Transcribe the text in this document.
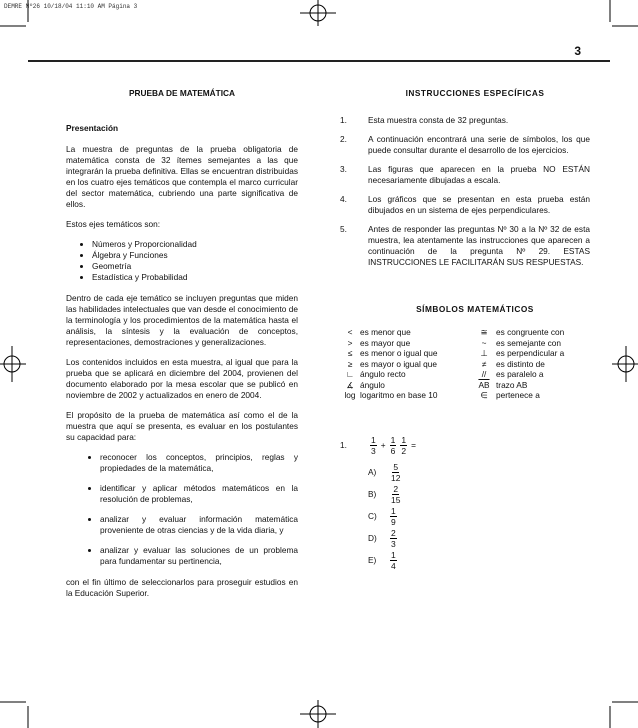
DEMRE Nº26 10/18/04 11:10 AM Página 3
3
PRUEBA DE MATEMÁTICA
Presentación

La muestra de preguntas de la prueba obligatoria de matemática consta de 32 ítemes semejantes a las que integrarán la prueba definitiva. Ellas se encuentran distribuidas en los cuatro ejes temáticos que contempla el marco curricular del sector matemática, cubriendo una parte significativa de ellos.

Estos ejes temáticos son:

• Números y Proporcionalidad
• Álgebra y Funciones
• Geometría
• Estadística y Probabilidad

Dentro de cada eje temático se incluyen preguntas que miden las habilidades intelectuales que van desde el conocimiento de la terminología y los procedimientos de la matemática hasta el análisis, la síntesis y la evaluación de conceptos, representaciones, demostraciones y generalizaciones.

Los contenidos incluidos en esta muestra, al igual que para la prueba que se aplicará en diciembre del 2004, provienen del documento elaborado por la mesa escolar que se publicó en noviembre de 2002 y actualizados en enero de 2004.

El propósito de la prueba de matemática así como el de la muestra que aquí se presenta, es evaluar en los postulantes su capacidad para:

• reconocer los conceptos, principios, reglas y propiedades de la matemática,
• identificar y aplicar métodos matemáticos en la resolución de problemas,
• analizar y evaluar información matemática proveniente de otras ciencias y de la vida diaria, y
• analizar y evaluar las soluciones de un problema para fundamentar su pertinencia,

con el fin último de seleccionarlos para proseguir estudios en la Educación Superior.

INSTRUCCIONES ESPECÍFICAS
1.	Esta muestra consta de 32 preguntas.
2.	A continuación encontrará una serie de símbolos, los que puede consultar durante el desarrollo de los ejercicios.
3.	Las figuras que aparecen en la prueba NO ESTÁN necesariamente dibujadas a escala.
4.	Los gráficos que se presentan en esta prueba están dibujados en un sistema de ejes perpendiculares.
5.	Antes de responder las preguntas Nº 30 a la Nº 32 de esta muestra, lea atentamente las instrucciones que aparecen a continuación de la pregunta Nº 29. ESTAS INSTRUCCIONES LE FACILITARÁN SUS RESPUESTAS.
SÍMBOLOS MATEMÁTICOS
< es menor que	≅	es congruente con
> es mayor que	~	es semejante con
≤ es menor o igual que	⊥	es perpendicular a
≥ es mayor o igual que	≠	es distinto de
∟ ángulo recto	//	es paralelo a
∡ ángulo	$\overline{AB}$ trazo AB
log logaritmo en base 10	∈	pertenece a
1.	$\frac{1}{3} + \frac{1}{6} \frac{1}{2}$ =
A)	$\frac{5}{12}$
B)	$\frac{2}{15}$
C)	$\frac{1}{9}$
D)	$\frac{2}{3}$
E)	$\frac{1}{4}$
